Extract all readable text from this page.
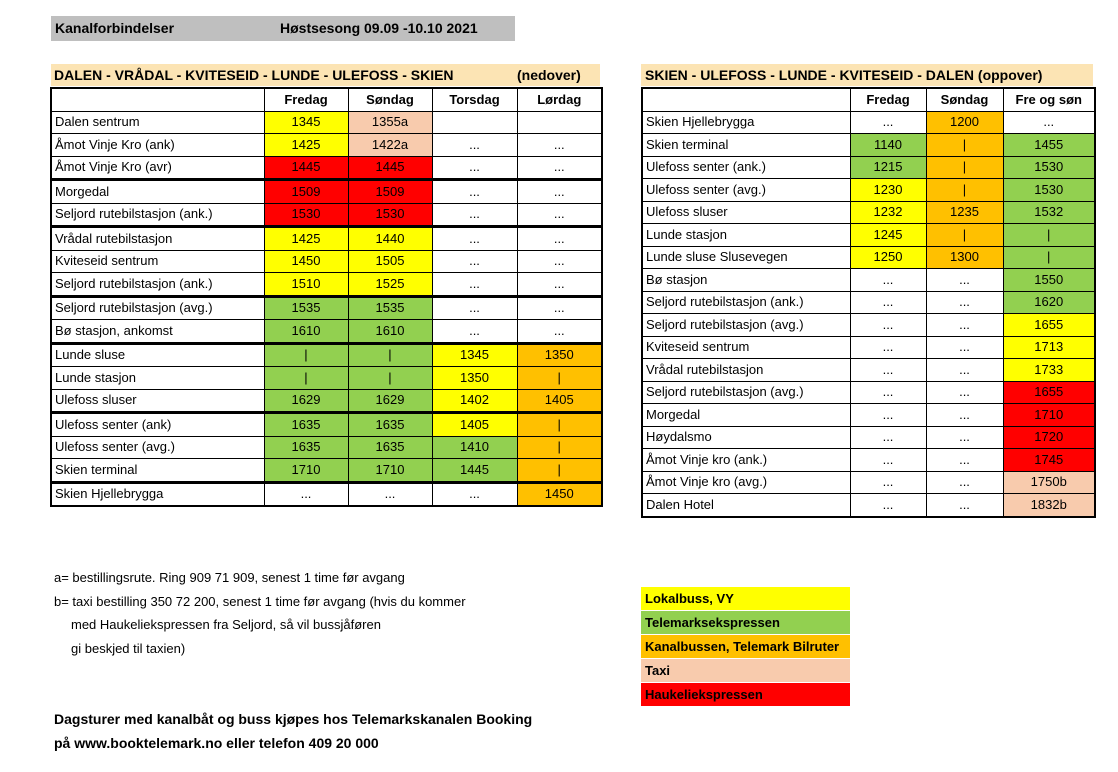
Kanalforbindelser	Høstsesong 09.09 -10.10 2021
DALEN - VRÅDAL - KVITESEID - LUNDE - ULEFOSS - SKIEN	(nedover)
	Fredag	Søndag	Torsdag	Lørdag
Dalen sentrum	1345	1355a		
Åmot Vinje Kro (ank)	1425	1422a	...	...
Åmot Vinje Kro (avr)	1445	1445	...	...
Morgedal	1509	1509	...	...
Seljord rutebilstasjon (ank.)	1530	1530	...	...
Vrådal rutebilstasjon	1425	1440	...	...
Kviteseid sentrum	1450	1505	...	...
Seljord rutebilstasjon (ank.)	1510	1525	...	...
Seljord rutebilstasjon (avg.)	1535	1535	...	...
Bø stasjon, ankomst	1610	1610	...	...
Lunde sluse	|	|	1345	1350
Lunde stasjon	|	|	1350	|
Ulefoss sluser	1629	1629	1402	1405
Ulefoss senter (ank)	1635	1635	1405	|
Ulefoss senter (avg.)	1635	1635	1410	|
Skien terminal	1710	1710	1445	|
Skien Hjellebrygga	...	...	...	1450
SKIEN - ULEFOSS - LUNDE - KVITESEID - DALEN (oppover)
	Fredag	Søndag	Fre og søn
Skien Hjellebrygga	...	1200	...
Skien terminal	1140	|	1455
Ulefoss senter (ank.)	1215	|	1530
Ulefoss senter (avg.)	1230	|	1530
Ulefoss sluser	1232	1235	1532
Lunde stasjon	1245	|	|
Lunde sluse Slusevegen	1250	1300	|
Bø stasjon	...	...	1550
Seljord rutebilstasjon (ank.)	...	...	1620
Seljord rutebilstasjon (avg.)	...	...	1655
Kviteseid sentrum	...	...	1713
Vrådal rutebilstasjon	...	...	1733
Seljord rutebilstasjon (avg.)	...	...	1655
Morgedal	...	...	1710
Høydalsmo	...	...	1720
Åmot Vinje kro (ank.)	...	...	1745
Åmot Vinje kro (avg.)	...	...	1750b
Dalen Hotel	...	...	1832b
a= bestillingsrute. Ring 909 71 909, senest 1 time før avgang
b= taxi bestilling 350 72 200, senest 1 time før avgang (hvis du kommer
med Haukeliekspressen fra Seljord, så vil bussjåføren
gi beskjed til taxien)
Dagsturer med kanalbåt og buss kjøpes hos Telemarkskanalen Booking
på www.booktelemark.no eller telefon 409 20 000
Lokalbuss, VY
Telemarksekspressen
Kanalbussen, Telemark Bilruter
Taxi
Haukeliekspressen
